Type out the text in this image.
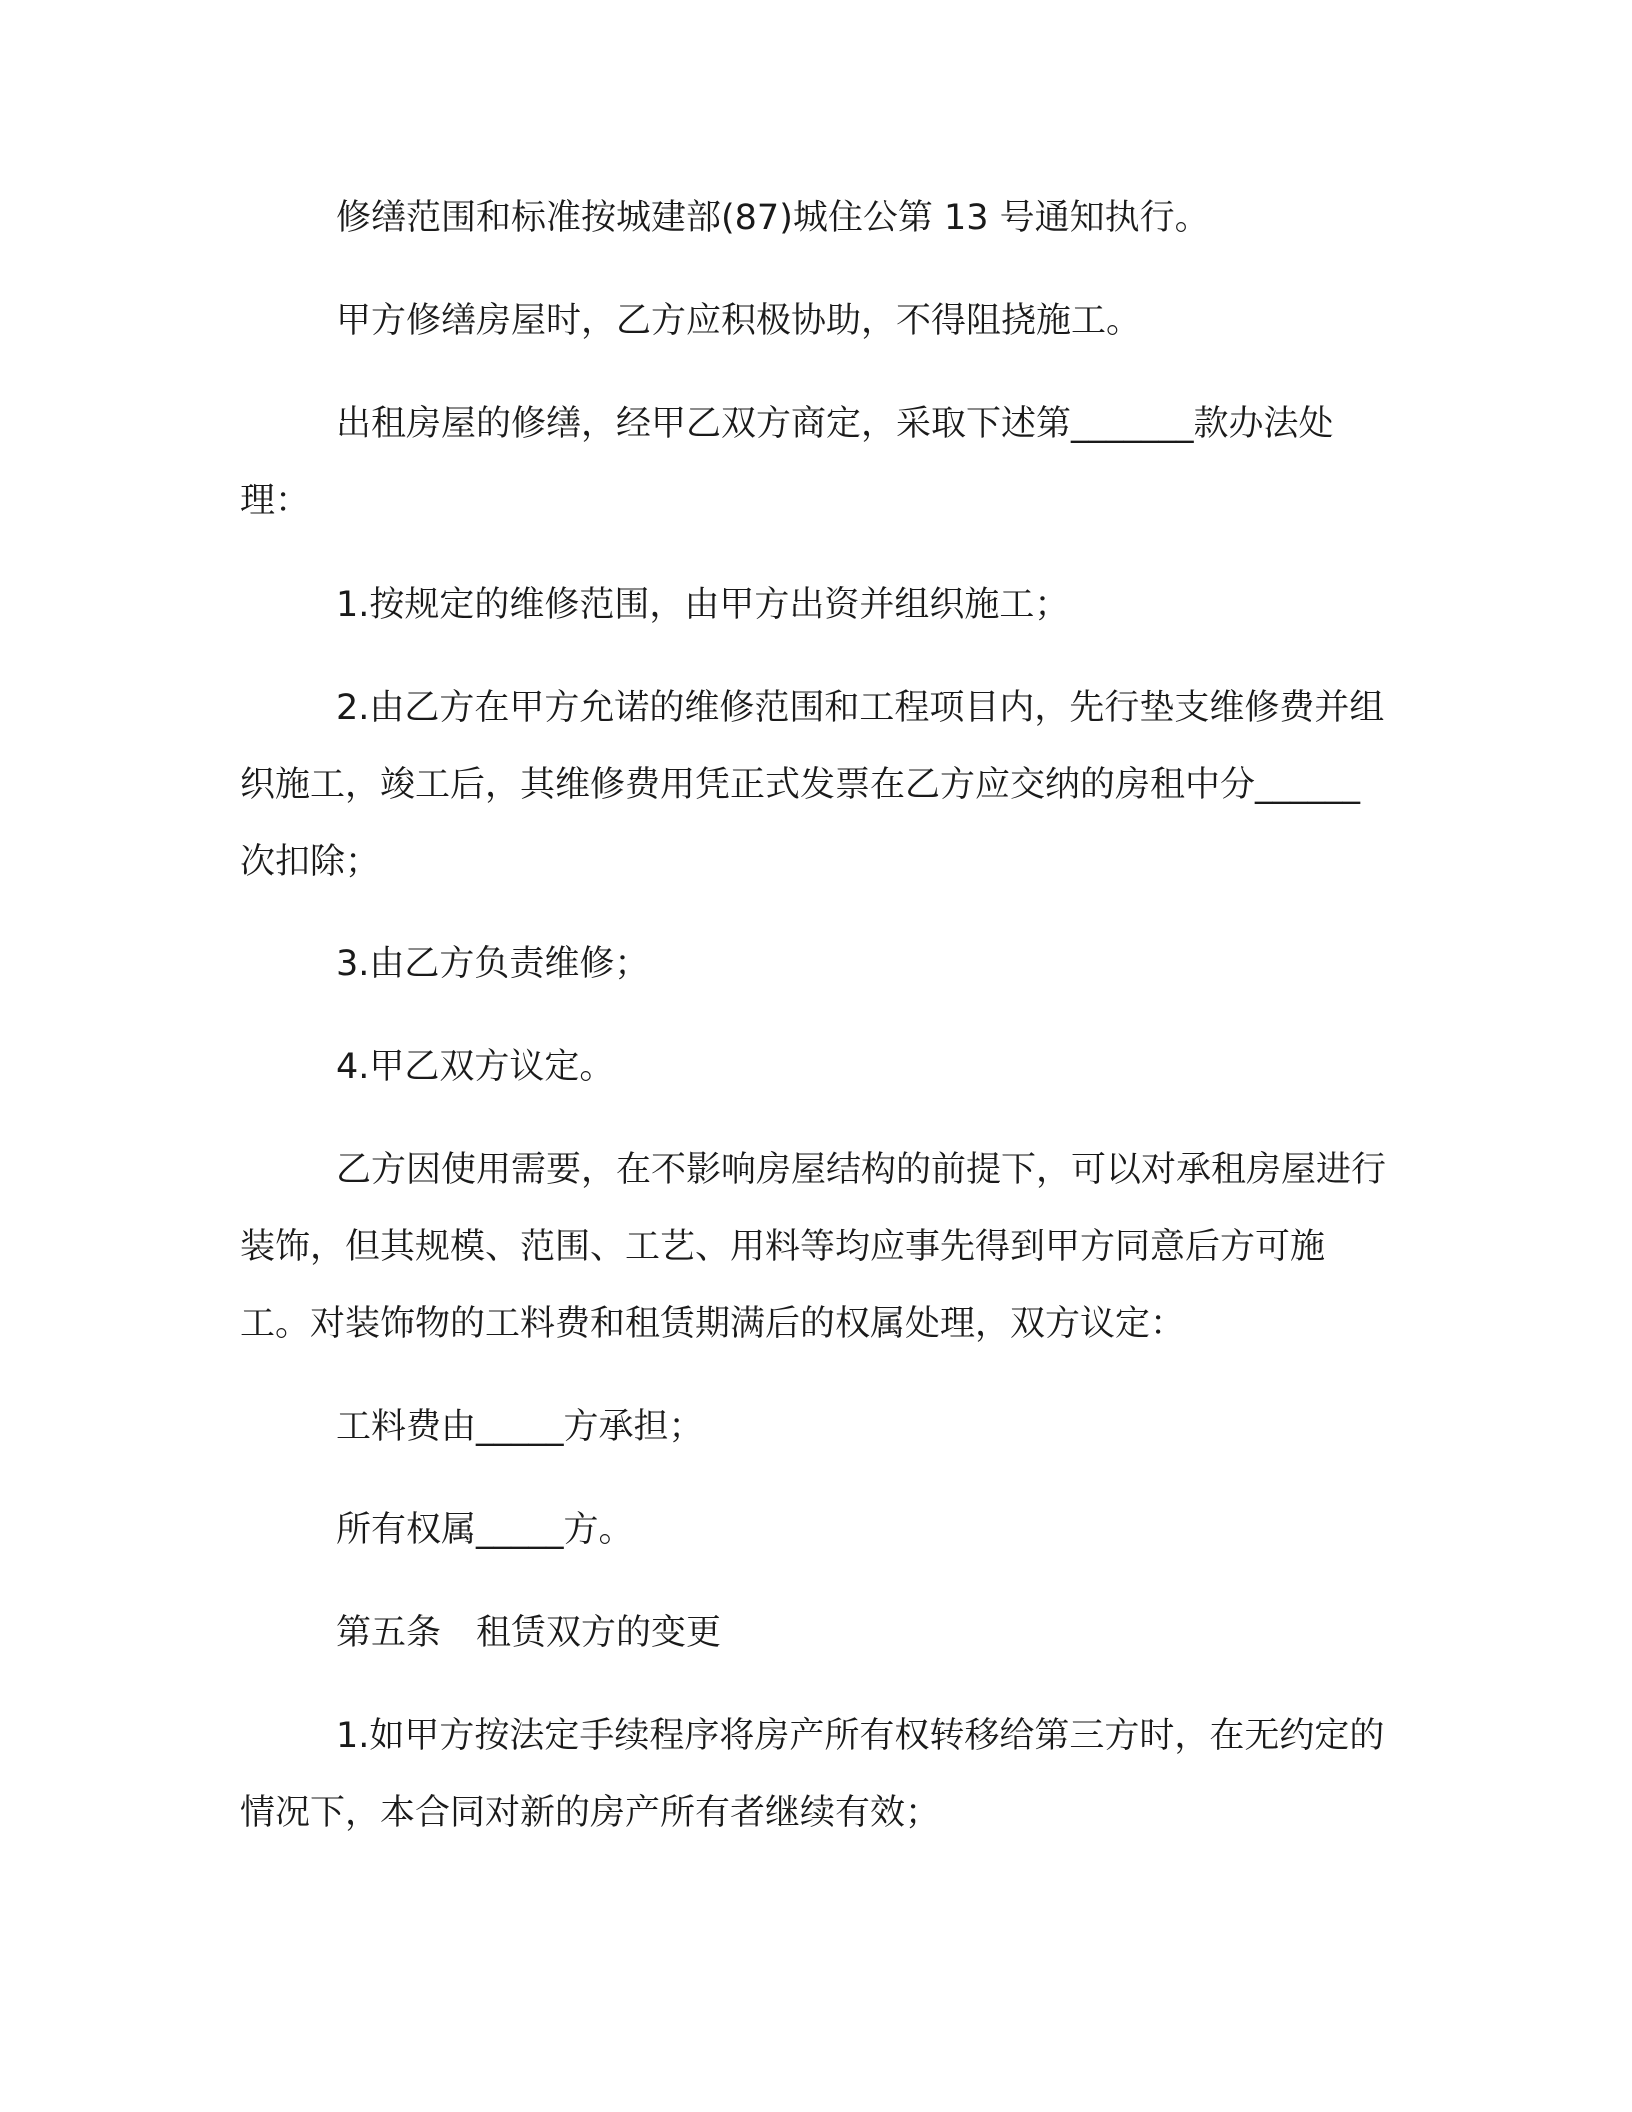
修缮范围和标准按城建部(87)城住公第 13 号通知执行。

甲方修缮房屋时，乙方应积极协助，不得阻挠施工。

出租房屋的修缮，经甲乙双方商定，采取下述第_______款办法处理：

1.按规定的维修范围，由甲方出资并组织施工；

2.由乙方在甲方允诺的维修范围和工程项目内，先行垫支维修费并组织施工，竣工后，其维修费用凭正式发票在乙方应交纳的房租中分______次扣除；

3.由乙方负责维修；

4.甲乙双方议定。

乙方因使用需要，在不影响房屋结构的前提下，可以对承租房屋进行装饰，但其规模、范围、工艺、用料等均应事先得到甲方同意后方可施工。对装饰物的工料费和租赁期满后的权属处理，双方议定：

工料费由_____方承担；

所有权属_____方。

第五条　租赁双方的变更

1.如甲方按法定手续程序将房产所有权转移给第三方时，在无约定的情况下，本合同对新的房产所有者继续有效；
